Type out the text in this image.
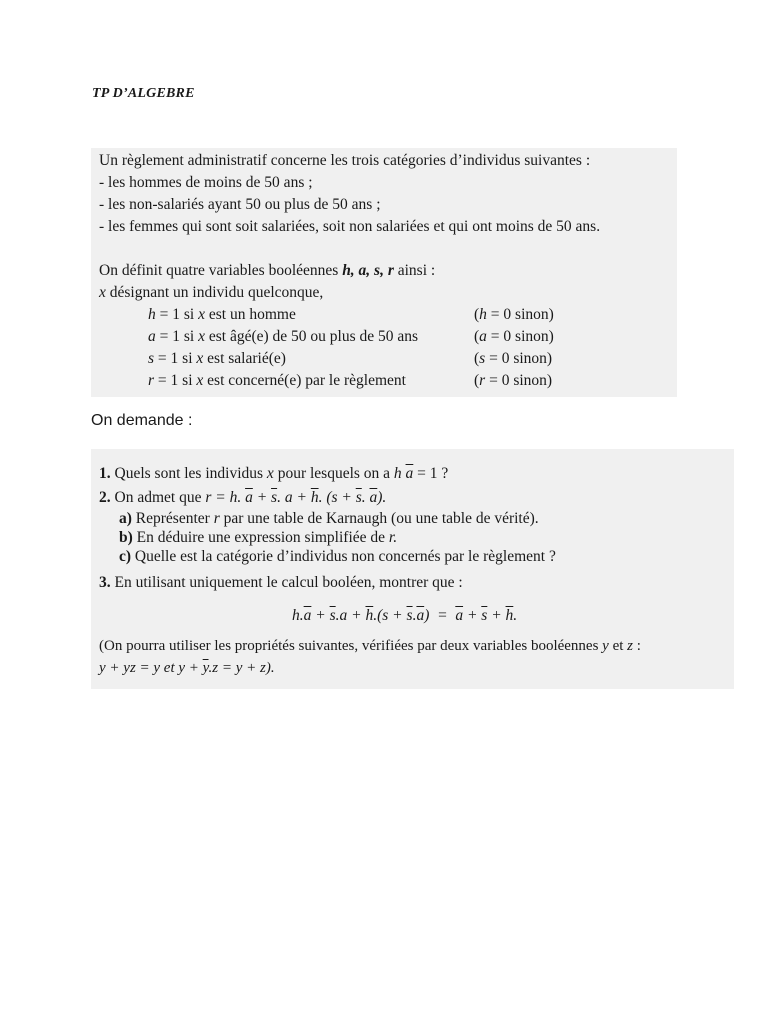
TP D’ALGEBRE
Un règlement administratif concerne les trois catégories d’individus suivantes :
- les hommes de moins de 50 ans ;
- les non-salariés ayant 50 ou plus de 50 ans ;
- les femmes qui sont soit salariées, soit non salariées et qui ont moins de 50 ans.
On définit quatre variables booléennes h, a, s, r ainsi :
x désignant un individu quelconque,
h = 1 si x est un homme	(h = 0 sinon)
a = 1 si x est âgé(e) de 50 ou plus de 50 ans	(a = 0 sinon)
s = 1 si x est salarié(e)	(s = 0 sinon)
r = 1 si x est concerné(e) par le règlement	(r = 0 sinon)
On demande :
1. Quels sont les individus x pour lesquels on a h $\overline{a} = 1$ ?
2. On admet que r = h. $\overline{a} + \overline{s}$. $a + \overline{h}$. ($s + \overline{s}$. $\overline{a}$).
a) Représenter r par une table de Karnaugh (ou une table de vérité).
b) En déduire une expression simplifiée de r.
c) Quelle est la catégorie d’individus non concernés par le règlement ?
3. En utilisant uniquement le calcul booléen, montrer que :
$h.\overline{a} + \overline{s}.a + \overline{h}.(s + \overline{s}.\overline{a}) = \overline{a} + \overline{s} + \overline{h}$.
(On pourra utiliser les propriétés suivantes, vérifiées par deux variables booléennes y et z :
y + yz = y et $y + \overline{y}.z = y + z$).
